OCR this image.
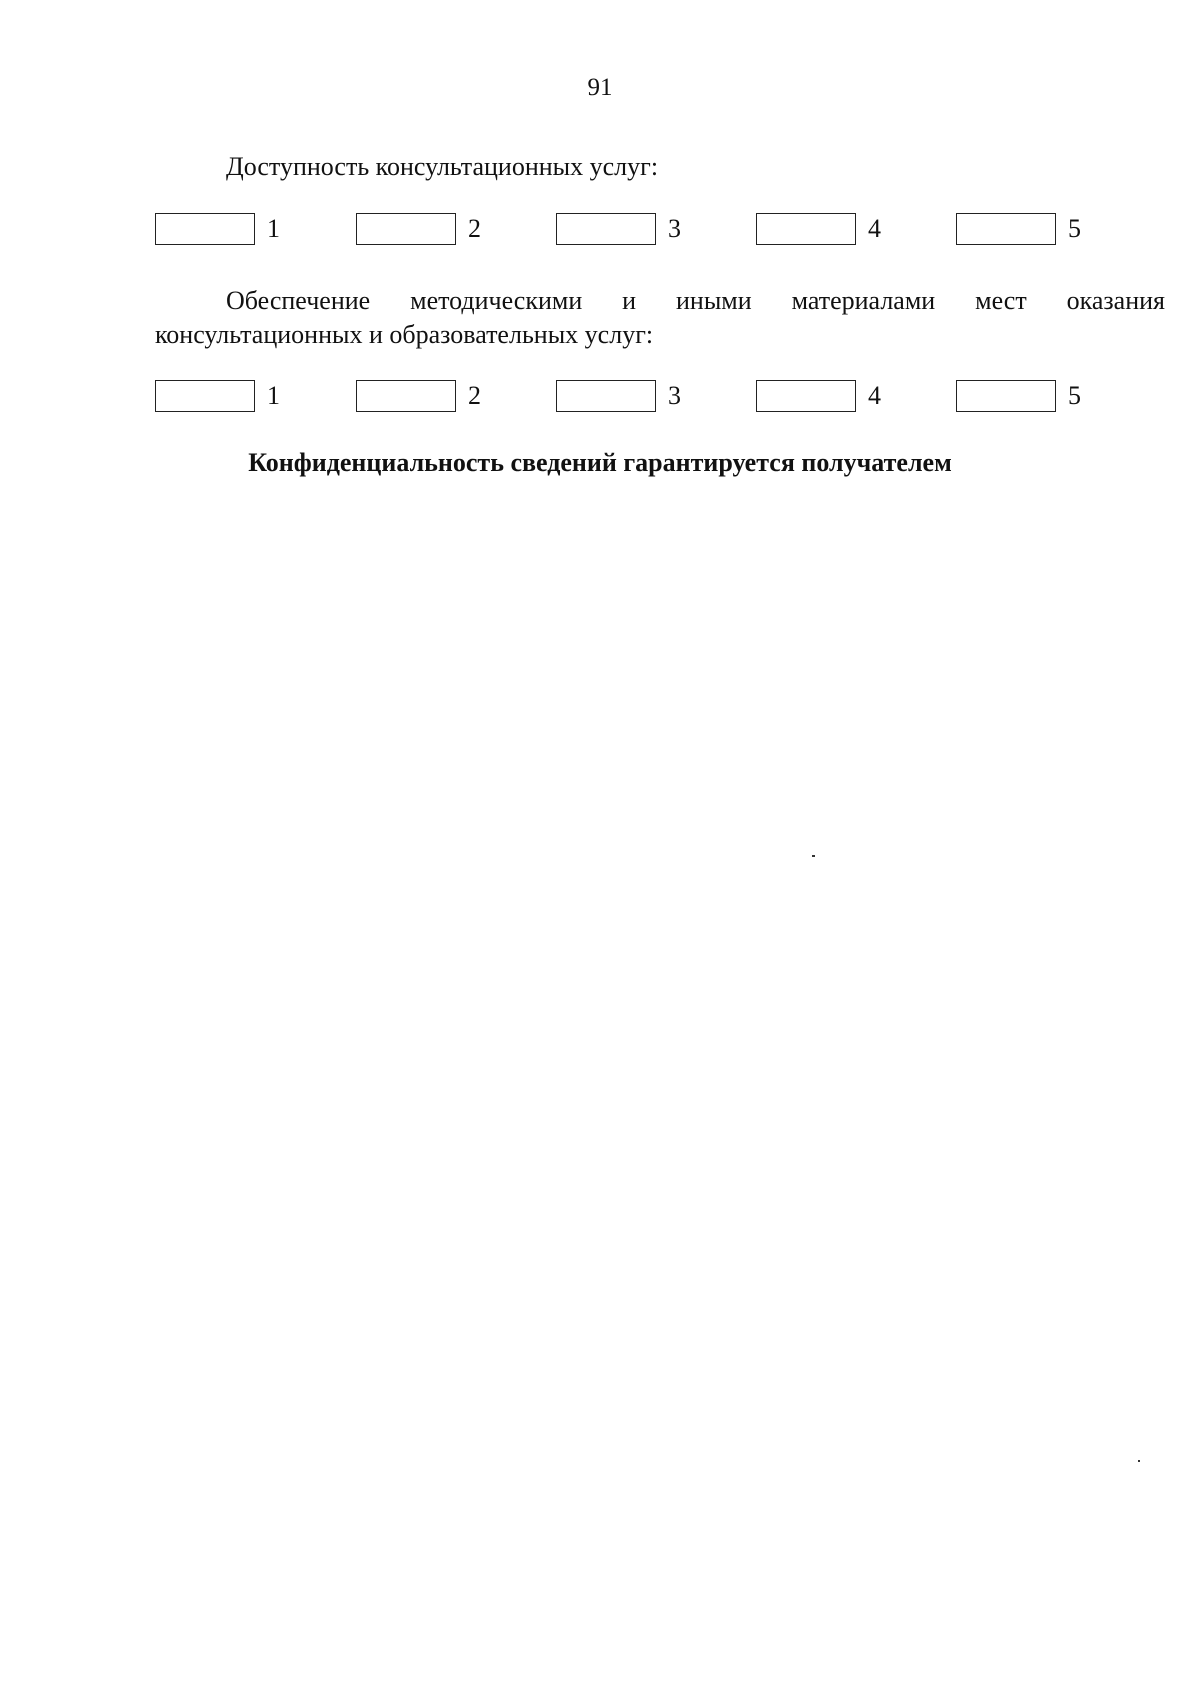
91

Доступность консультационных услуг:

1	2	3	4	5

Обеспечение методическими и иными материалами мест оказания консультационных и образовательных услуг:

1	2	3	4	5
Конфиденциальность сведений гарантируется получателем
